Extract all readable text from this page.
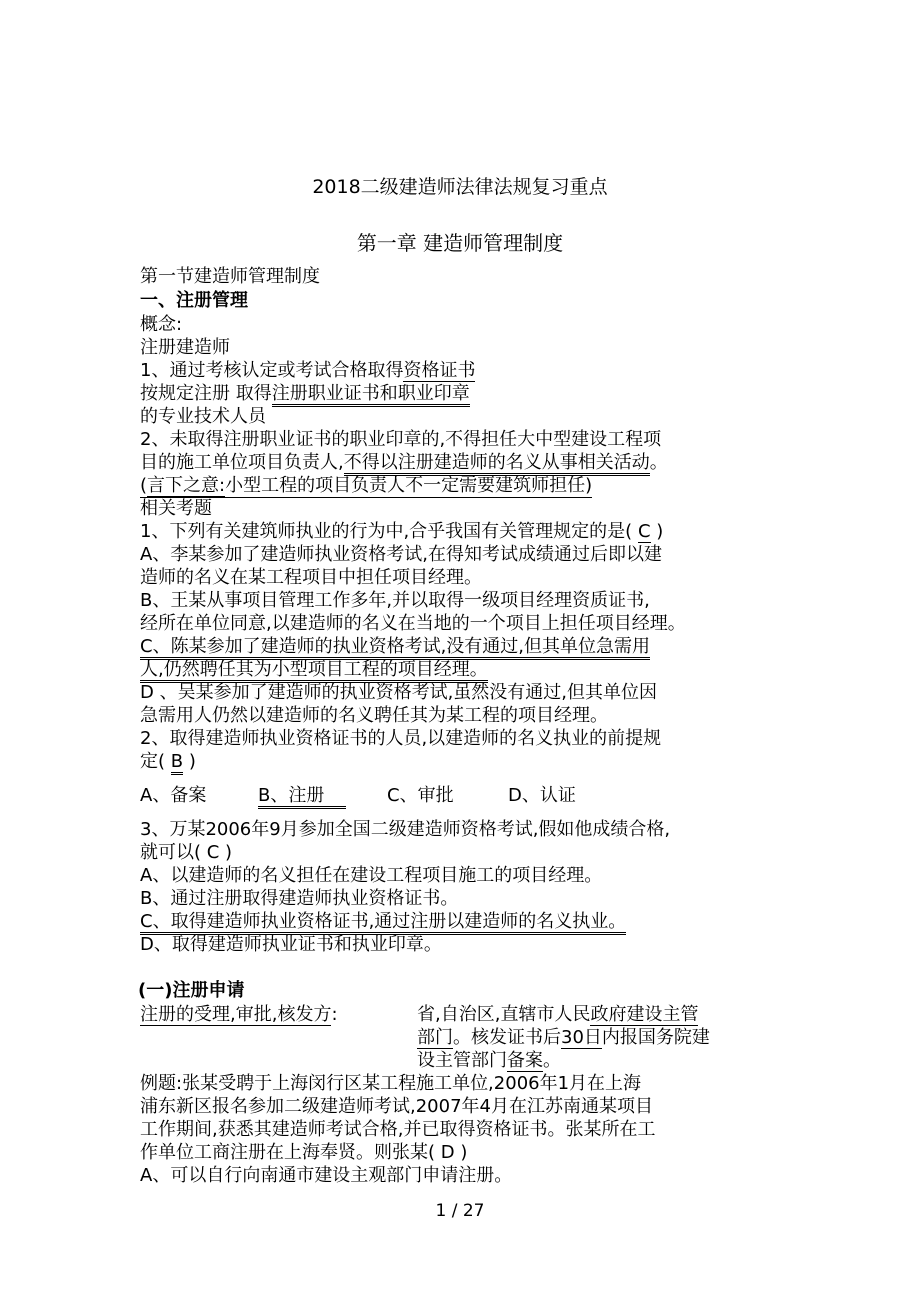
2018二级建造师法律法规复习重点
第一章 建造师管理制度
第一节建造师管理制度
一、注册管理
概念:
注册建造师
1、通过考核认定或考试合格取得资格证书
按规定注册 取得注册职业证书和职业印章
的专业技术人员
2、未取得注册职业证书的职业印章的,不得担任大中型建设工程项
目的施工单位项目负责人,不得以注册建造师的名义从事相关活动。
(言下之意:小型工程的项目负责人不一定需要建筑师担任)
相关考题
1、下列有关建筑师执业的行为中,合乎我国有关管理规定的是( C )
A、李某参加了建造师执业资格考试,在得知考试成绩通过后即以建
造师的名义在某工程项目中担任项目经理。
B、王某从事项目管理工作多年,并以取得一级项目经理资质证书,
经所在单位同意,以建造师的名义在当地的一个项目上担任项目经理。
C、陈某参加了建造师的执业资格考试,没有通过,但其单位急需用
人,仍然聘任其为小型项目工程的项目经理。
D 、吴某参加了建造师的执业资格考试,虽然没有通过,但其单位因
急需用人仍然以建造师的名义聘任其为某工程的项目经理。
2、取得建造师执业资格证书的人员,以建造师的名义执业的前提规
定( B )
A、备案	B、注册	C、审批	D、认证
3、万某2006年9月参加全国二级建造师资格考试,假如他成绩合格,
就可以( C )
A、以建造师的名义担任在建设工程项目施工的项目经理。
B、通过注册取得建造师执业资格证书。
C、取得建造师执业资格证书,通过注册以建造师的名义执业。
D、取得建造师执业证书和执业印章。
(一)注册申请
注册的受理,审批,核发方:	省,自治区,直辖市人民政府建设主管
部门。核发证书后30日内报国务院建
设主管部门备案。
例题:张某受聘于上海闵行区某工程施工单位,2006年1月在上海
浦东新区报名参加二级建造师考试,2007年4月在江苏南通某项目
工作期间,获悉其建造师考试合格,并已取得资格证书。张某所在工
作单位工商注册在上海奉贤。则张某( D )
A、可以自行向南通市建设主观部门申请注册。
1 / 27
